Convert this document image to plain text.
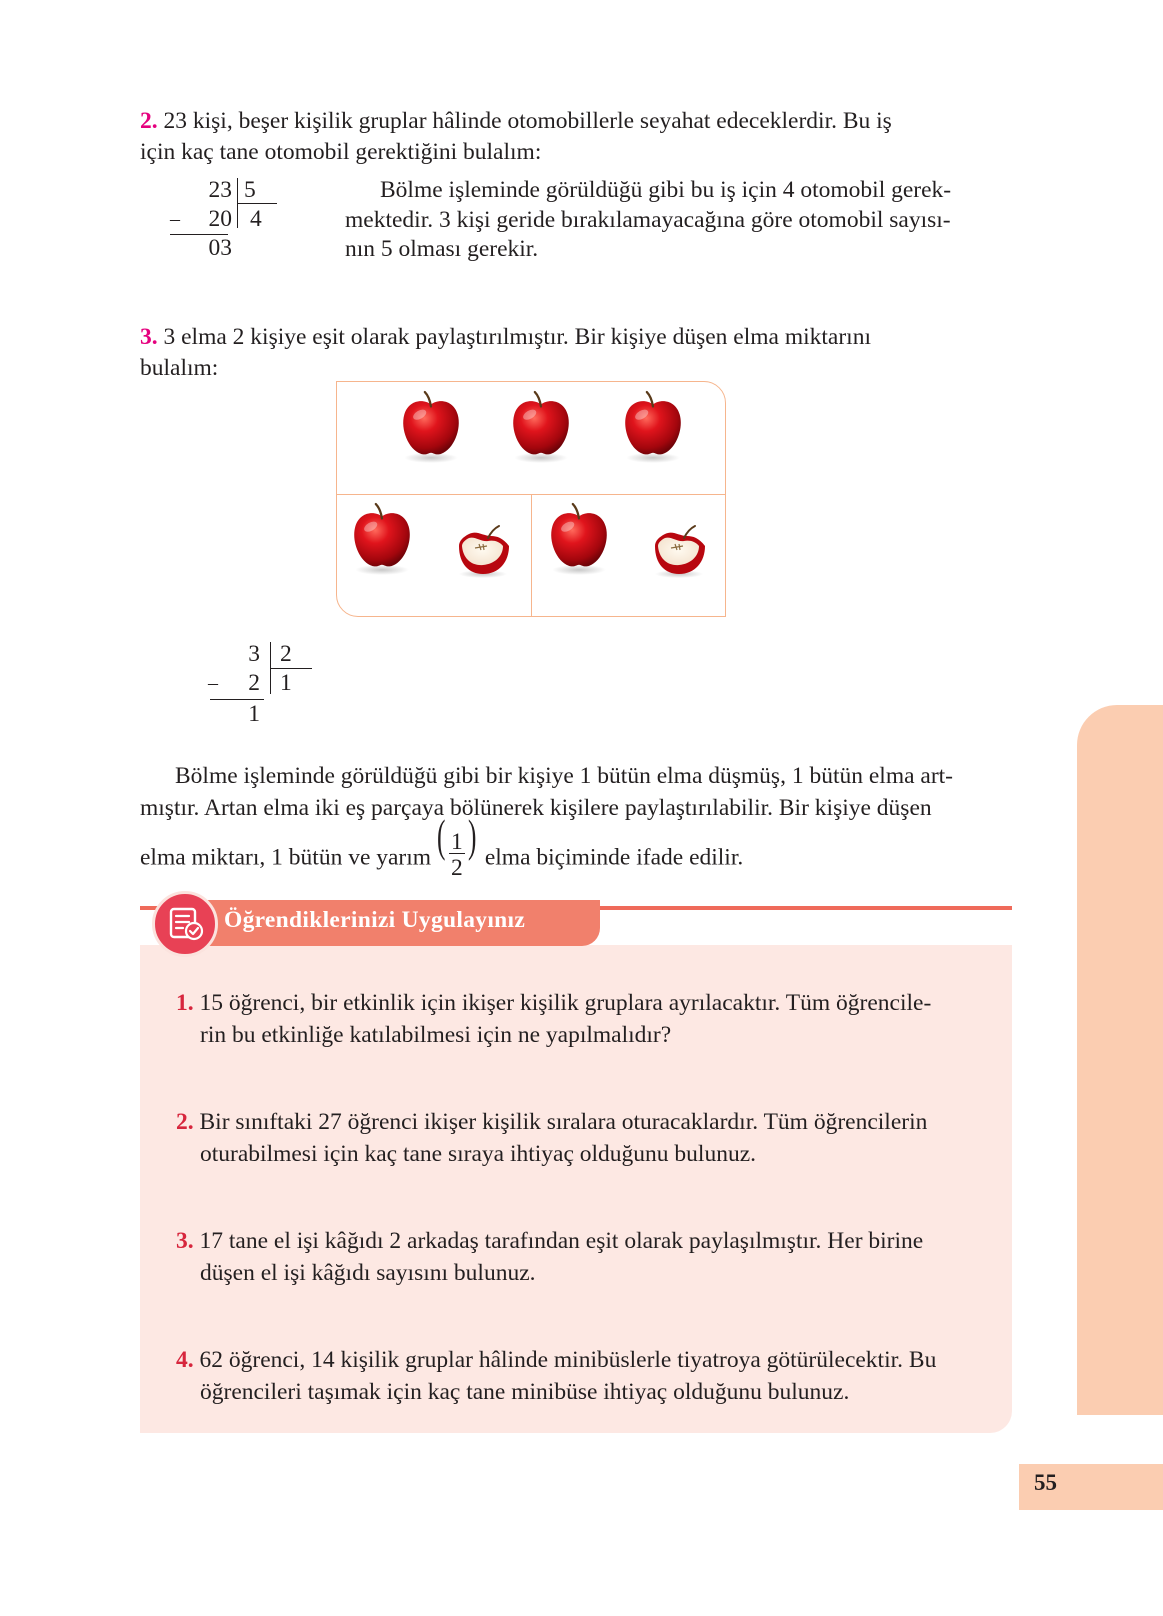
2. 23 kişi, beşer kişilik gruplar hâlinde otomobillerle seyahat edeceklerdir. Bu iş

için kaç tane otomobil gerektiğini bulalım:

23 5
–	20 4
03

Bölme işleminde görüldüğü gibi bu iş için 4 otomobil gerek-

mektedir. 3 kişi geride bırakılamayacağına göre otomobil sayısı-

nın 5 olması gerekir.

3. 3 elma 2 kişiye eşit olarak paylaştırılmıştır. Bir kişiye düşen elma miktarını

bulalım:

3 2
–	2 1
1

Bölme işleminde görüldüğü gibi bir kişiye 1 bütün elma düşmüş, 1 bütün elma art-

mıştır. Artan elma iki eş parçaya bölünerek kişilere paylaştırılabilir. Bir kişiye düşen

elma miktarı, 1 bütün ve yarım ( 1
2
) elma biçiminde ifade edilir.

Öğrendiklerinizi Uygulayınız
1. 15 öğrenci, bir etkinlik için ikişer kişilik gruplara ayrılacaktır. Tüm öğrencile-
rin bu etkinliğe katılabilmesi için ne yapılmalıdır?
2. Bir sınıftaki 27 öğrenci ikişer kişilik sıralara oturacaklardır. Tüm öğrencilerin
oturabilmesi için kaç tane sıraya ihtiyaç olduğunu bulunuz.
3. 17 tane el işi kâğıdı 2 arkadaş tarafından eşit olarak paylaşılmıştır. Her birine
düşen el işi kâğıdı sayısını bulunuz.
4. 62 öğrenci, 14 kişilik gruplar hâlinde minibüslerle tiyatroya götürülecektir. Bu
öğrencileri taşımak için kaç tane minibüse ihtiyaç olduğunu bulunuz.
55
